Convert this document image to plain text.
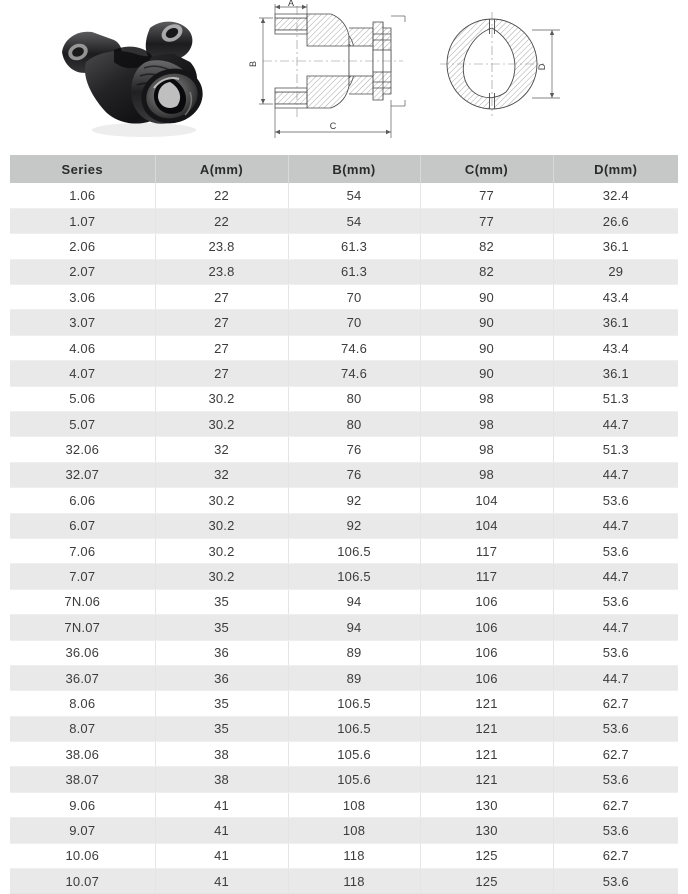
A
B
C
D
Series	A(mm)	B(mm)	C(mm)	D(mm)
1.06	22	54	77	32.4
1.07	22	54	77	26.6
2.06	23.8	61.3	82	36.1
2.07	23.8	61.3	82	29
3.06	27	70	90	43.4
3.07	27	70	90	36.1
4.06	27	74.6	90	43.4
4.07	27	74.6	90	36.1
5.06	30.2	80	98	51.3
5.07	30.2	80	98	44.7
32.06	32	76	98	51.3
32.07	32	76	98	44.7
6.06	30.2	92	104	53.6
6.07	30.2	92	104	44.7
7.06	30.2	106.5	117	53.6
7.07	30.2	106.5	117	44.7
7N.06	35	94	106	53.6
7N.07	35	94	106	44.7
36.06	36	89	106	53.6
36.07	36	89	106	44.7
8.06	35	106.5	121	62.7
8.07	35	106.5	121	53.6
38.06	38	105.6	121	62.7
38.07	38	105.6	121	53.6
9.06	41	108	130	62.7
9.07	41	108	130	53.6
10.06	41	118	125	62.7
10.07	41	118	125	53.6
